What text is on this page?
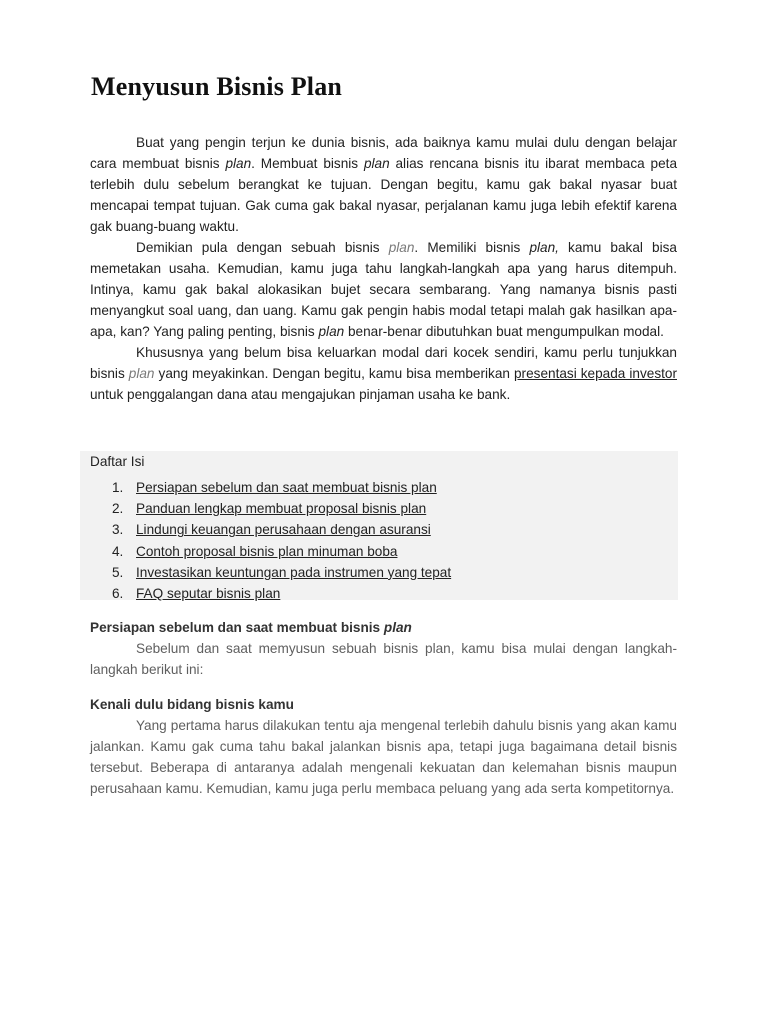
Menyusun Bisnis Plan

Buat yang pengin terjun ke dunia bisnis, ada baiknya kamu mulai dulu dengan belajar cara membuat bisnis plan. Membuat bisnis plan alias rencana bisnis itu ibarat membaca peta terlebih dulu sebelum berangkat ke tujuan. Dengan begitu, kamu gak bakal nyasar buat mencapai tempat tujuan. Gak cuma gak bakal nyasar, perjalanan kamu juga lebih efektif karena gak buang-buang waktu.

Demikian pula dengan sebuah bisnis plan. Memiliki bisnis plan, kamu bakal bisa memetakan usaha. Kemudian, kamu juga tahu langkah-langkah apa yang harus ditempuh. Intinya, kamu gak bakal alokasikan bujet secara sembarang. Yang namanya bisnis pasti menyangkut soal uang, dan uang. Kamu gak pengin habis modal tetapi malah gak hasilkan apa-apa, kan? Yang paling penting, bisnis plan benar-benar dibutuhkan buat mengumpulkan modal.

Khususnya yang belum bisa keluarkan modal dari kocek sendiri, kamu perlu tunjukkan bisnis plan yang meyakinkan. Dengan begitu, kamu bisa memberikan presentasi kepada investor untuk penggalangan dana atau mengajukan pinjaman usaha ke bank.

Daftar Isi
1. Persiapan sebelum dan saat membuat bisnis plan
2. Panduan lengkap membuat proposal bisnis plan
3. Lindungi keuangan perusahaan dengan asuransi
4. Contoh proposal bisnis plan minuman boba
5. Investasikan keuntungan pada instrumen yang tepat
6. FAQ seputar bisnis plan
Persiapan sebelum dan saat membuat bisnis plan

Sebelum dan saat memyusun sebuah bisnis plan, kamu bisa mulai dengan langkah-langkah berikut ini:

Kenali dulu bidang bisnis kamu

Yang pertama harus dilakukan tentu aja mengenal terlebih dahulu bisnis yang akan kamu jalankan. Kamu gak cuma tahu bakal jalankan bisnis apa, tetapi juga bagaimana detail bisnis tersebut. Beberapa di antaranya adalah mengenali kekuatan dan kelemahan bisnis maupun perusahaan kamu. Kemudian, kamu juga perlu membaca peluang yang ada serta kompetitornya.
